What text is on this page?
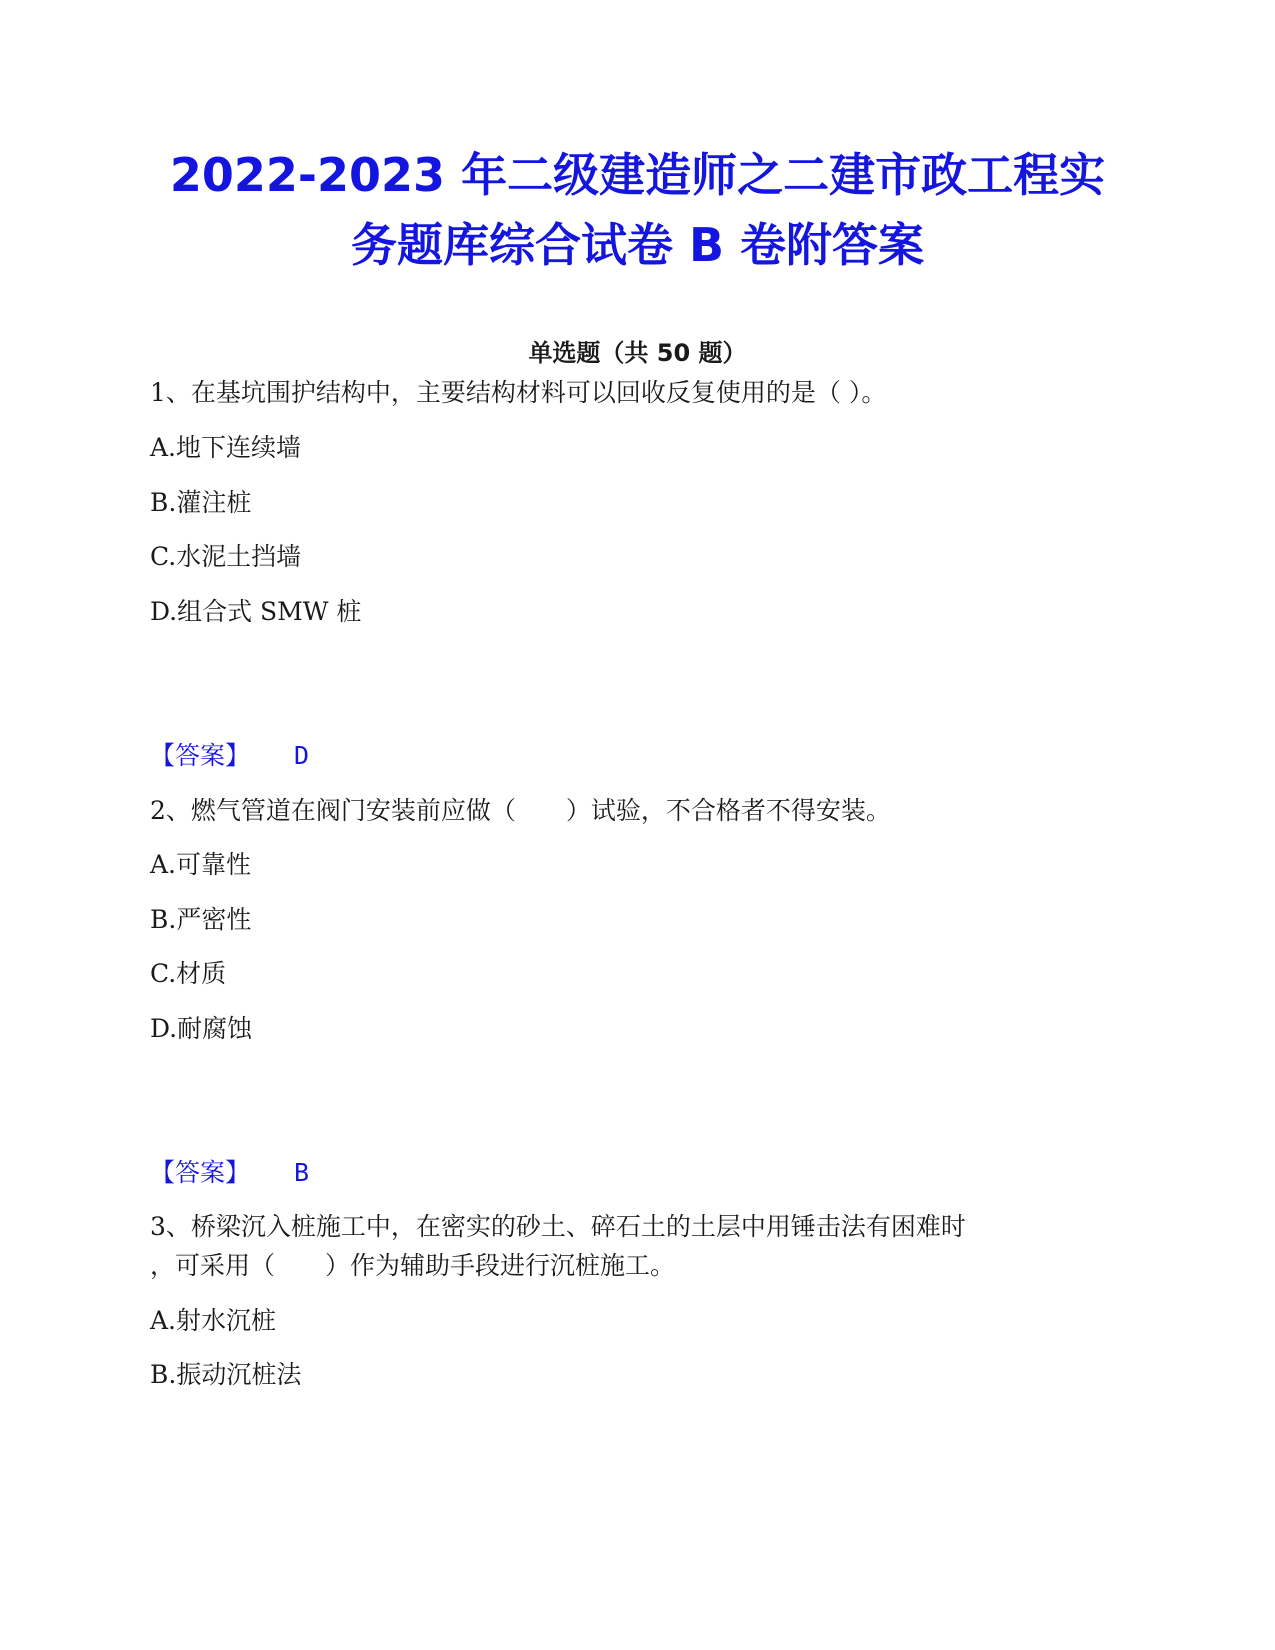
2022-2023 年二级建造师之二建市政工程实
务题库综合试卷 B 卷附答案
单选题（共 50 题）
1、在基坑围护结构中，主要结构材料可以回收反复使用的是（ ）。
A.地下连续墙
B.灌注桩
C.水泥土挡墙
D.组合式 SMW 桩
【答案】 D
2、燃气管道在阀门安装前应做（　　）试验，不合格者不得安装。
A.可靠性
B.严密性
C.材质
D.耐腐蚀
【答案】 B
3、桥梁沉入桩施工中，在密实的砂土、碎石土的土层中用锤击法有困难时
，可采用（　　）作为辅助手段进行沉桩施工。
A.射水沉桩
B.振动沉桩法
